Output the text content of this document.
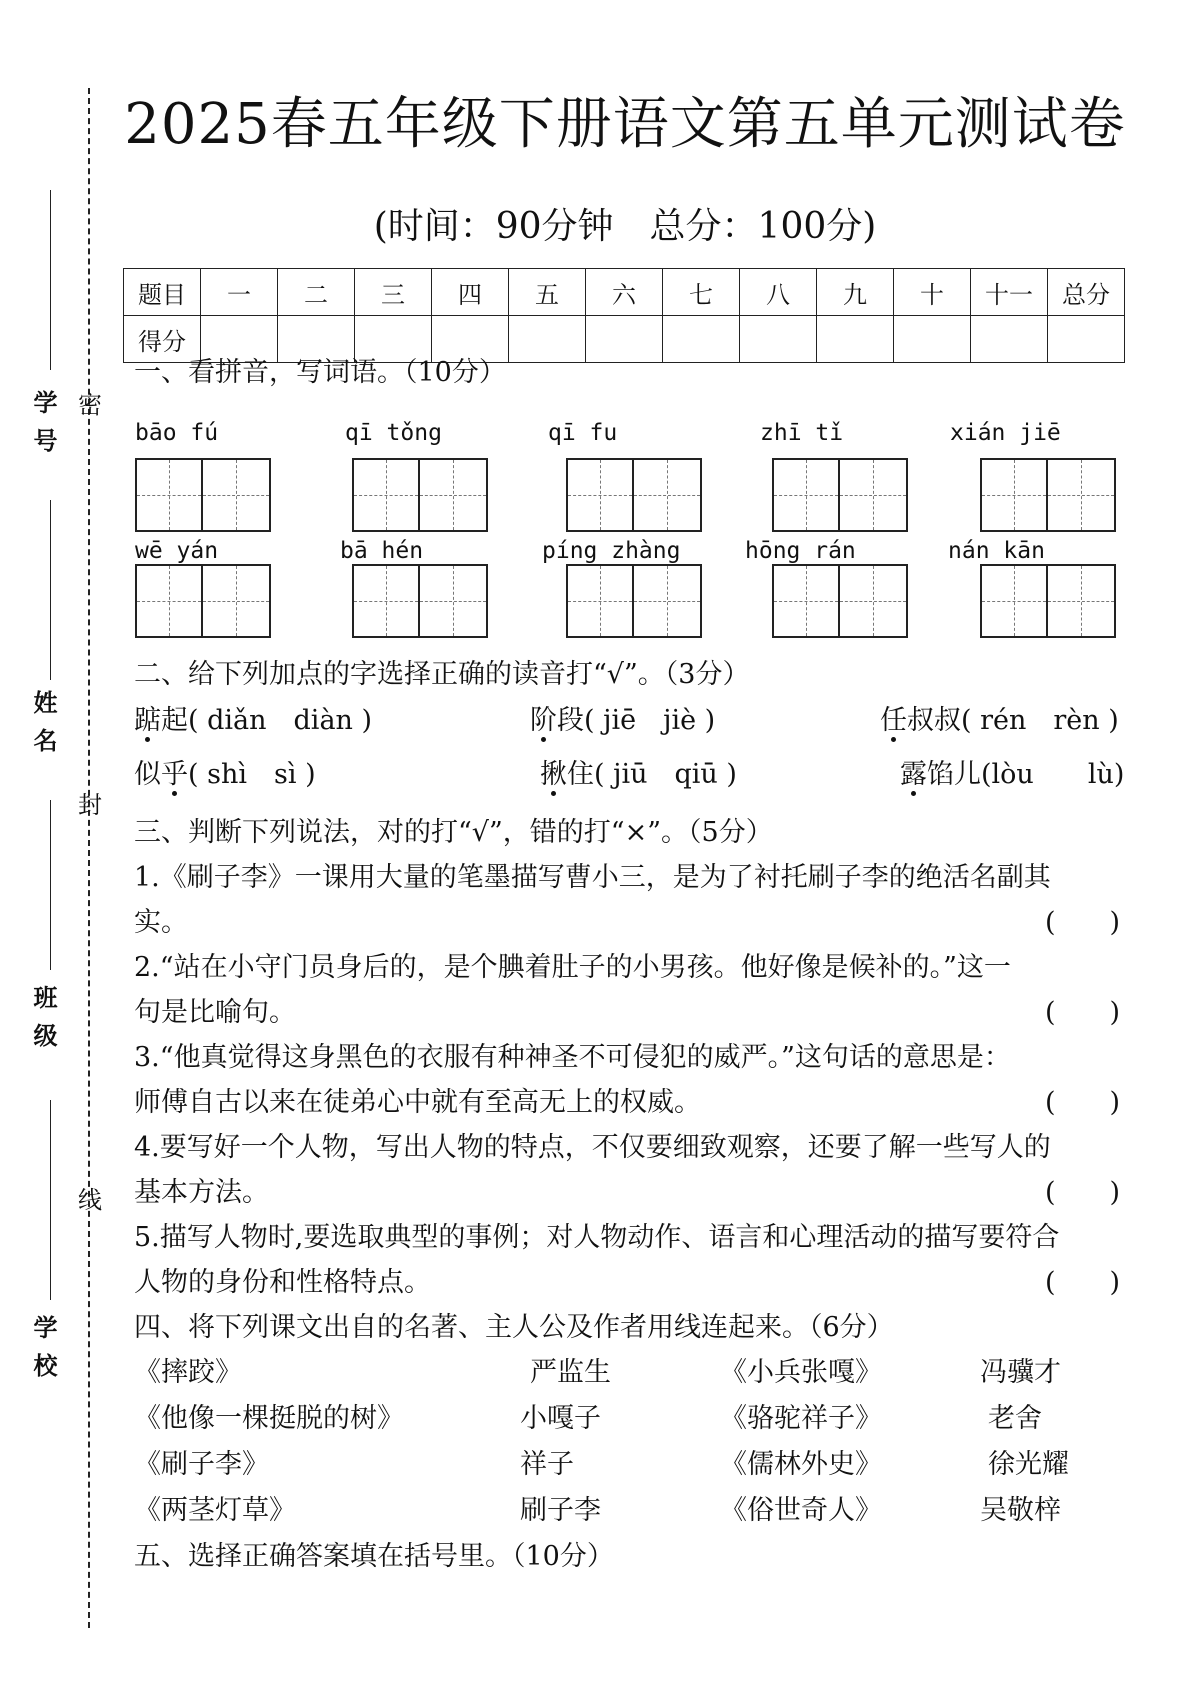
密
封
线
学号
姓名
班级
学校
2025春五年级下册语文第五单元测试卷
(时间：90分钟　总分：100分)
题目	一	二	三	四	五	六	七	八	九	十	十一	总分
得分												
一、看拼音，写词语。（10分）
bāo fú	qī tǒng	qī fu	zhī tǐ	xián jiē
wē yán	bā hén	píng zhàng	hōng rán	nán kān
二、给下列加点的字选择正确的读音打“√”。（3分）
踮起( diǎn　diàn )	阶段( jiē　jiè )	任叔叔( rén　rèn )
似乎( shì　sì )	揪住( jiū　qiū )	露馅儿(lòu　　lù)
三、判断下列说法，对的打“√”，错的打“×”。（5分）
1.《刷子李》一课用大量的笔墨描写曹小三，是为了衬托刷子李的绝活名副其
实。	(　　)
2.“站在小守门员身后的，是个腆着肚子的小男孩。他好像是候补的。”这一
句是比喻句。	(　　)
3.“他真觉得这身黑色的衣服有种神圣不可侵犯的威严。”这句话的意思是：
师傅自古以来在徒弟心中就有至高无上的权威。	(　　)
4.要写好一个人物，写出人物的特点，不仅要细致观察，还要了解一些写人的
基本方法。	(　　)
5.描写人物时,要选取典型的事例；对人物动作、语言和心理活动的描写要符合
人物的身份和性格特点。	(　　)
四、将下列课文出自的名著、主人公及作者用线连起来。（6分）
《摔跤》	严监生	《小兵张嘎》	冯骥才
《他像一棵挺脱的树》	小嘎子	《骆驼祥子》	老舍
《刷子李》	祥子	《儒林外史》	徐光耀
《两茎灯草》	刷子李	《俗世奇人》	吴敬梓
五、选择正确答案填在括号里。（10分）
